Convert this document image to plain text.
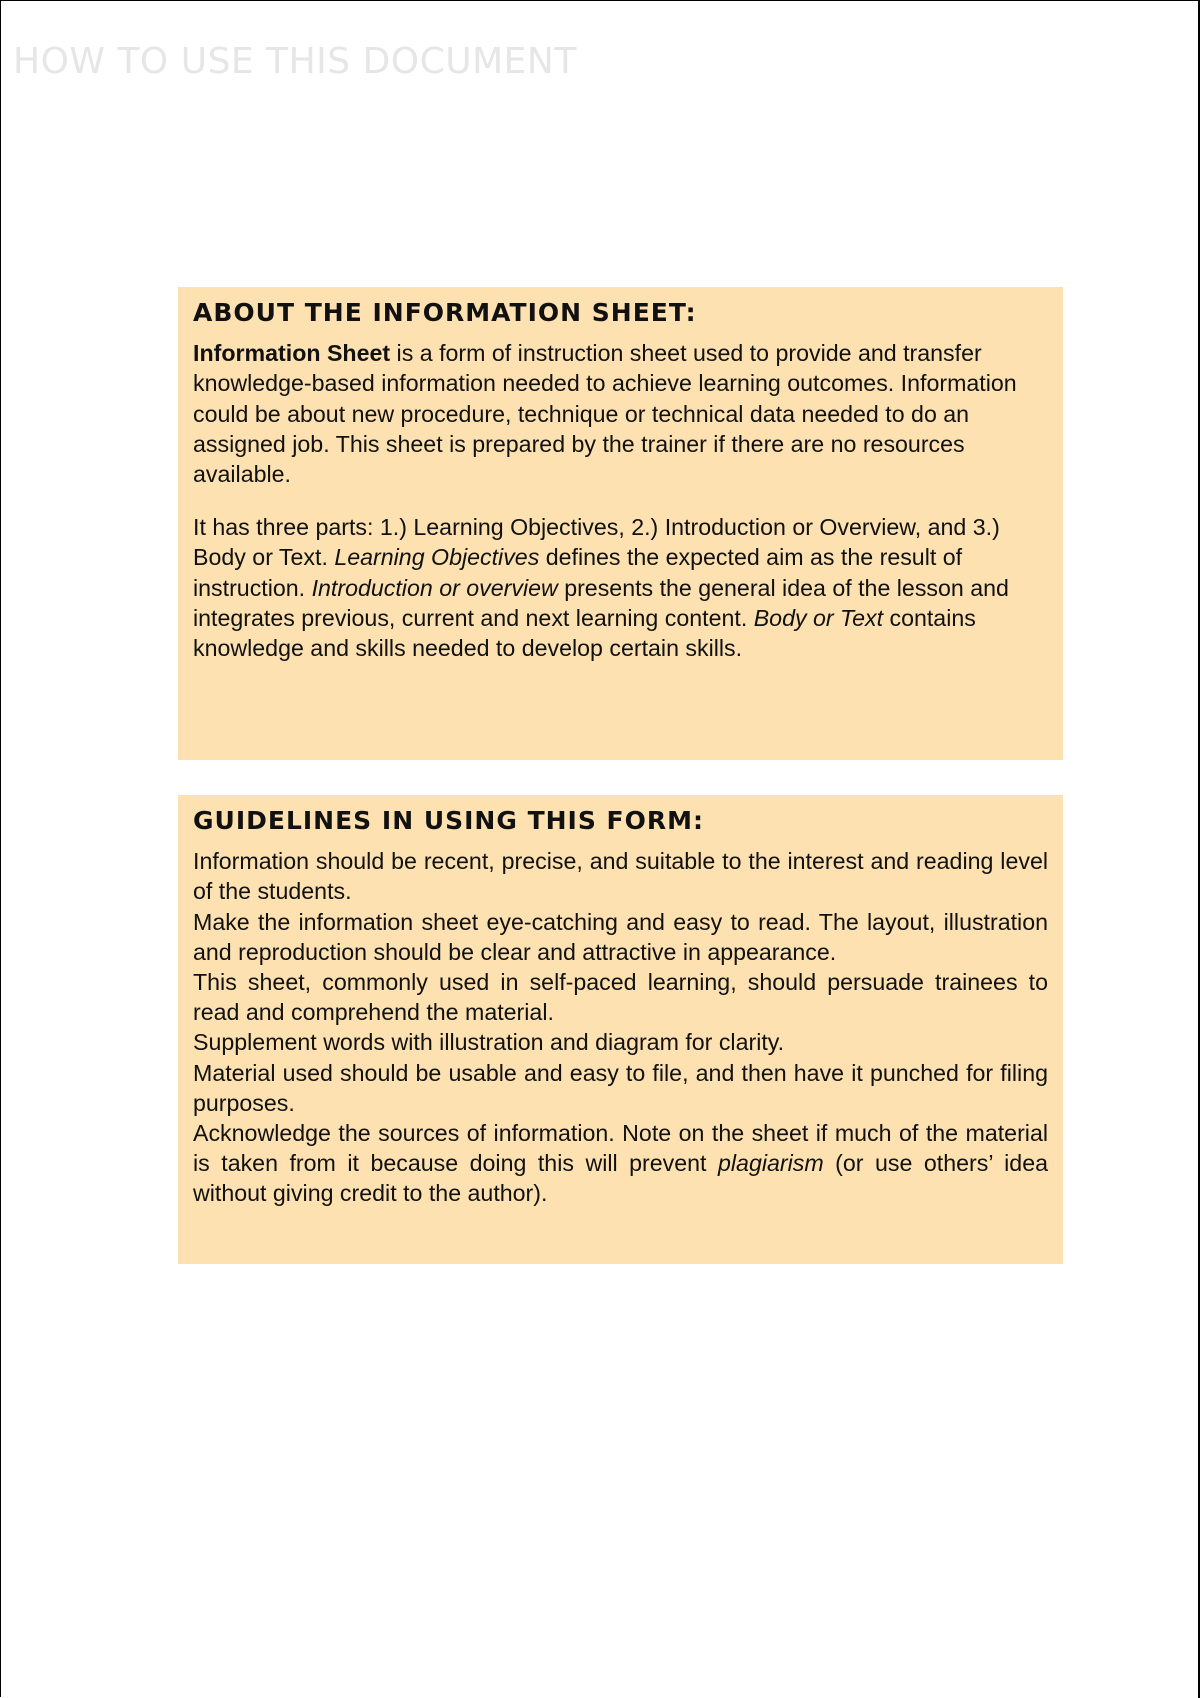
HOW TO USE THIS DOCUMENT
ABOUT THE INFORMATION SHEET:

Information Sheet is a form of instruction sheet used to provide and transfer knowledge-based information needed to achieve learning outcomes. Information could be about new procedure, technique or technical data needed to do an assigned job. This sheet is prepared by the trainer if there are no resources available.

It has three parts: 1.) Learning Objectives, 2.) Introduction or Overview, and 3.) Body or Text. Learning Objectives defines the expected aim as the result of instruction. Introduction or overview presents the general idea of the lesson and integrates previous, current and next learning content. Body or Text contains knowledge and skills needed to develop certain skills.

GUIDELINES IN USING THIS FORM:

Information should be recent, precise, and suitable to the interest and reading level of the students.

Make the information sheet eye-catching and easy to read. The layout, illustration and reproduction should be clear and attractive in appearance.

This sheet, commonly used in self-paced learning, should persuade trainees to read and comprehend the material.

Supplement words with illustration and diagram for clarity.

Material used should be usable and easy to file, and then have it punched for filing purposes.

Acknowledge the sources of information. Note on the sheet if much of the material is taken from it because doing this will prevent plagiarism (or use others’ idea without giving credit to the author).
